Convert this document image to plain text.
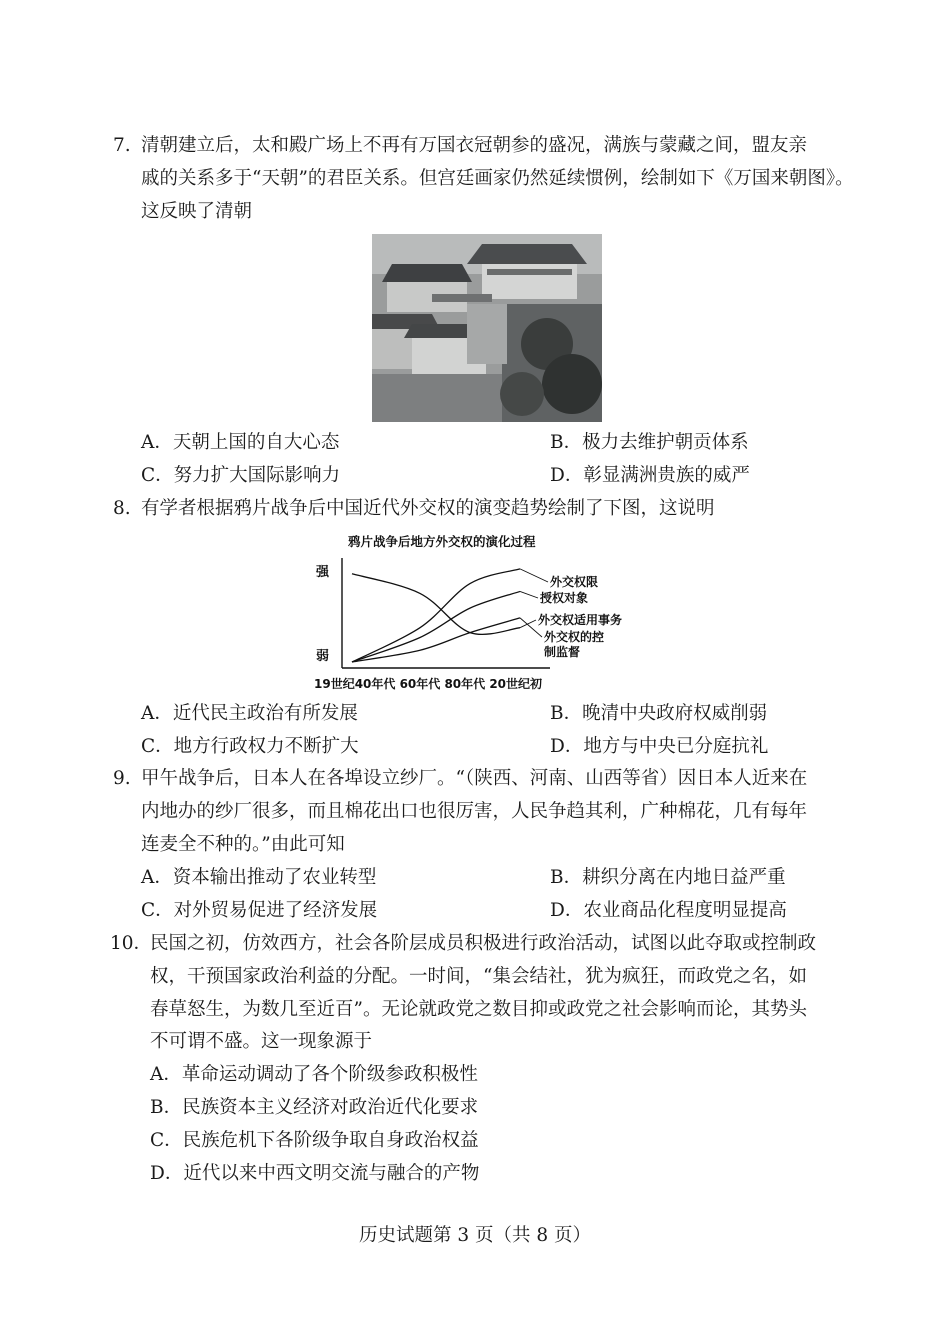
7. 清朝建立后，太和殿广场上不再有万国衣冠朝参的盛况，满族与蒙藏之间，盟友亲
戚的关系多于“天朝”的君臣关系。但宫廷画家仍然延续惯例，绘制如下《万国来朝图》。
这反映了清朝
A．天朝上国的自大心态	B．极力去维护朝贡体系
C．努力扩大国际影响力	D．彰显满洲贵族的威严
8. 有学者根据鸦片战争后中国近代外交权的演变趋势绘制了下图，这说明
鸦片战争后地方外交权的演化过程
强
弱
外交权限
授权对象
外交权适用事务
外交权的控
制监督
19世纪40年代 60年代 80年代 20世纪初
A．近代民主政治有所发展	B．晚清中央政府权威削弱
C．地方行政权力不断扩大	D．地方与中央已分庭抗礼
9. 甲午战争后，日本人在各埠设立纱厂。“（陕西、河南、山西等省）因日本人近来在
内地办的纱厂很多，而且棉花出口也很厉害，人民争趋其利，广种棉花，几有每年
连麦全不种的。”由此可知
A．资本输出推动了农业转型	B．耕织分离在内地日益严重
C．对外贸易促进了经济发展	D．农业商品化程度明显提高
10．
民国之初，仿效西方，社会各阶层成员积极进行政治活动，试图以此夺取或控制政
权，干预国家政治利益的分配。一时间，“集会结社，犹为疯狂，而政党之名，如
春草怒生，为数几至近百”。无论就政党之数目抑或政党之社会影响而论，其势头
不可谓不盛。这一现象源于
A．革命运动调动了各个阶级参政积极性
B．民族资本主义经济对政治近代化要求
C．民族危机下各阶级争取自身政治权益
D．近代以来中西文明交流与融合的产物
历史试题第 3 页（共 8 页）
